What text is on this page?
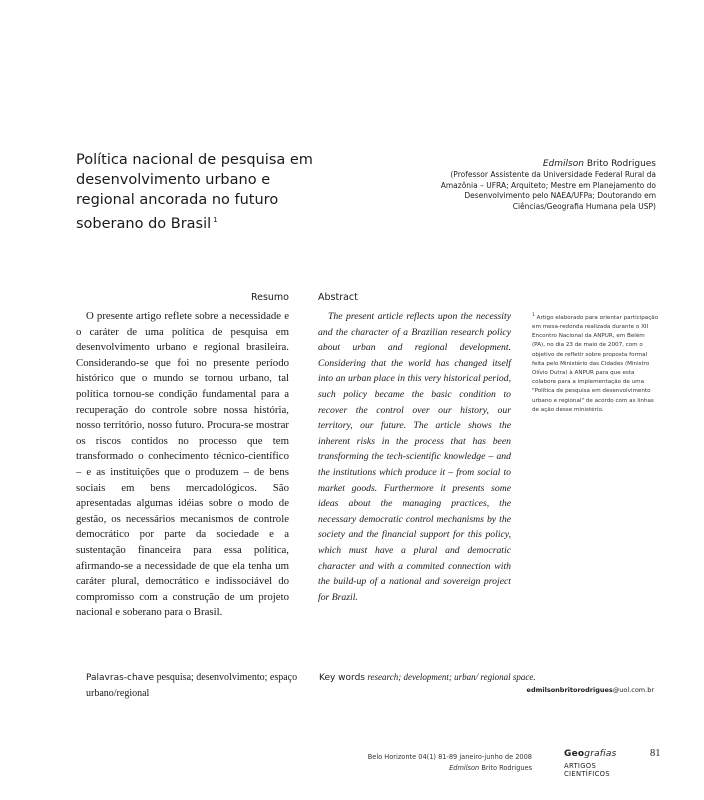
Política nacional de pesquisa em desenvolvimento urbano e regional ancorada no futuro soberano do Brasil $^1$
Edmilson Brito Rodrigues
(Professor Assistente da Universidade Federal Rural da Amazônia – UFRA; Arquiteto; Mestre em Planejamento do Desenvolvimento pelo NAEA/UFPa; Doutorando em Ciências/Geografia Humana pela USP)
Resumo

O presente artigo reflete sobre a necessidade e o caráter de uma política de pesquisa em desenvolvimento urbano e regional brasileira. Considerando-se que foi no presente período histórico que o mundo se tornou urbano, tal política tornou-se condição fundamental para a recuperação do controle sobre nossa história, nosso território, nosso futuro. Procura-se mostrar os riscos contidos no processo que tem transformado o conhecimento técnico-científico – e as instituições que o produzem – de bens sociais em bens mercadológicos. São apresentadas algumas idéias sobre o modo de gestão, os necessários mecanismos de controle democrático por parte da sociedade e a sustentação financeira para essa política, afirmando-se a necessidade de que ela tenha um caráter plural, democrático e indissociável do compromisso com a construção de um projeto nacional e soberano para o Brasil.

Abstract

The present article reflects upon the necessity and the character of a Brazilian research policy about urban and regional development. Considering that the world has changed itself into an urban place in this very historical period, such policy became the basic condition to recover the control over our history, our territory, our future. The article shows the inherent risks in the process that has been transforming the tech-scientific knowledge – and the institutions which produce it – from social to market goods. Furthermore it presents some ideas about the managing practices, the necessary democratic control mechanisms by the society and the financial support for this policy, which must have a plural and democratic character and with a commited connection with the build-up of a national and sovereign project for Brazil.

$^1$ Artigo elaborado para orientar participação em mesa-redonda realizada durante o XII Encontro Nacional da ANPUR, em Belém (PA), no dia 23 de maio de 2007, com o objetivo de refletir sobre proposta formal feita pelo Ministério das Cidades (Ministro Olívio Dutra) à ANPUR para que esta colabore para a implementação de uma "Política de pesquisa em desenvolvimento urbano e regional" de acordo com as linhas de ação desse ministério.
Palavras-chave pesquisa; desenvolvimento; espaço urbano/regional
Key words research; development; urban/ regional space.
edmilsonbritorodrigues@uol.com.br
Belo Horizonte 04(1) 81-89 janeiro-junho de 2008
Edmilson Brito Rodrigues
Geografias
ARTIGOS CIENTÍFICOS
81
